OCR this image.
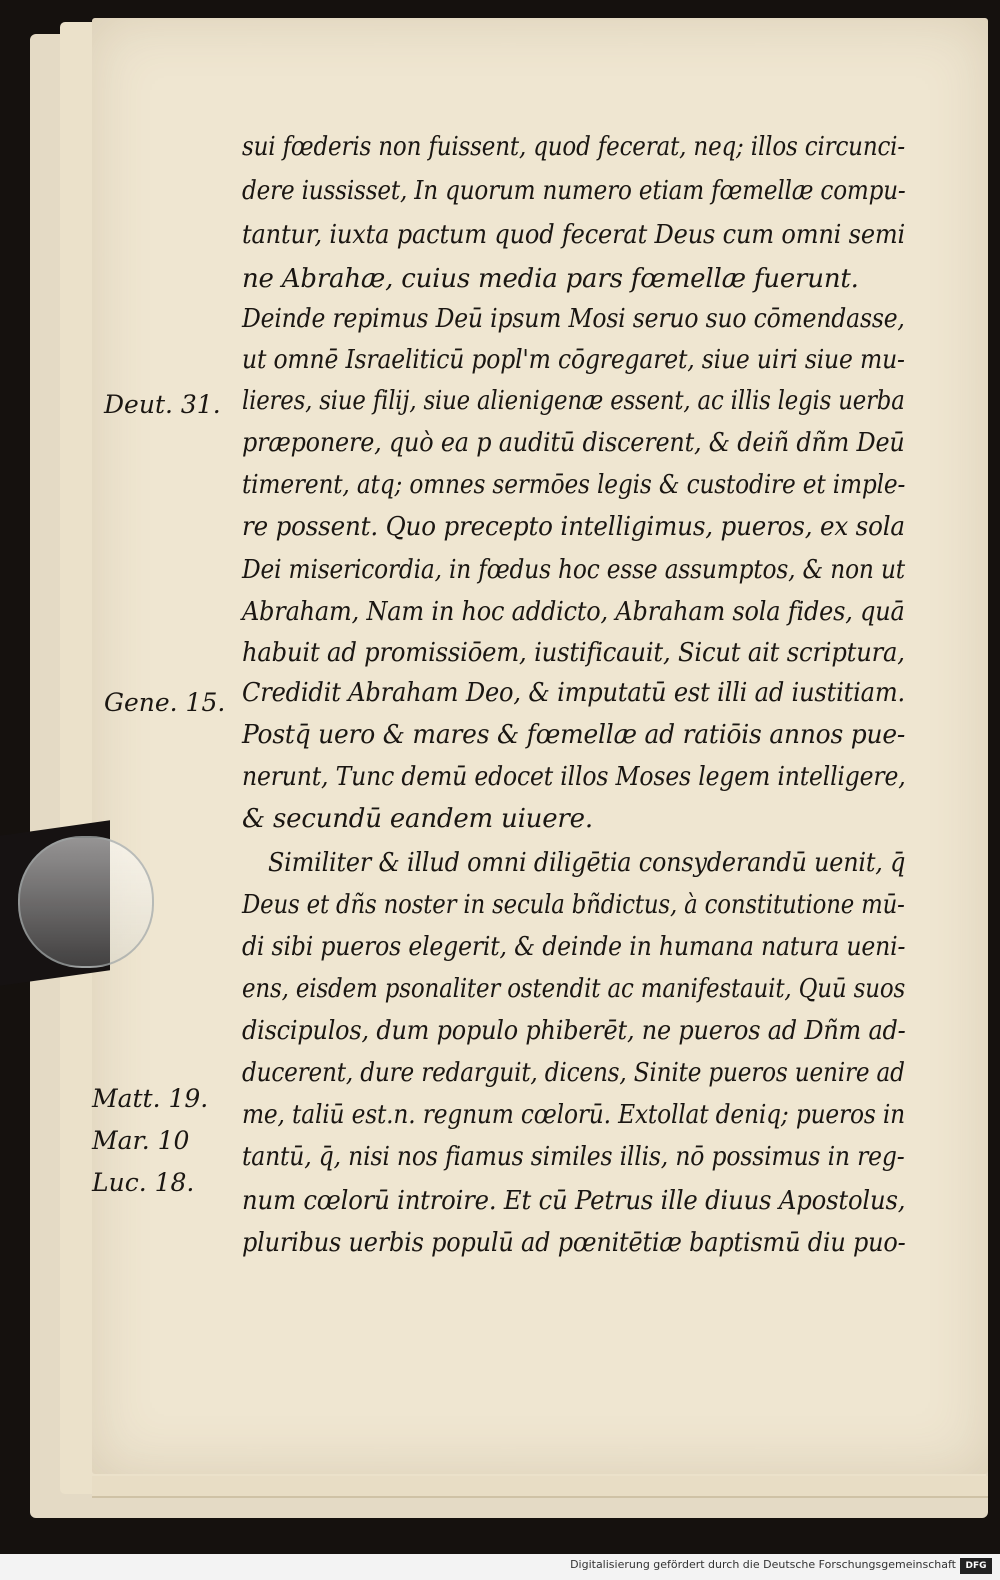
sui fœderis non fuissent, quod fecerat, neq; illos circunci-
dere iussisset, In quorum numero etiam fœmellæ compu-
tantur, iuxta pactum quod fecerat Deus cum omni semi
ne Abrahæ, cuius media pars fœmellæ fuerunt.
Deinde repimus Deū ipsum Mosi seruo suo cōmendasse,
ut omnē Israeliticū popl'm cōgregaret, siue uiri siue mu-
lieres, siue filij, siue alienigenæ essent, ac illis legis uerba
præponere, quò ea p auditū discerent, & deiñ dñm Deū
timerent, atq; omnes sermōes legis & custodire et imple-
re possent. Quo precepto intelligimus, pueros, ex sola
Dei misericordia, in fœdus hoc esse assumptos, & non ut
Abraham, Nam in hoc addicto, Abraham sola fides, quā
habuit ad promissiōem, iustificauit, Sicut ait scriptura,
Credidit Abraham Deo, & imputatū est illi ad iustitiam.
Postq̄ uero & mares & fœmellæ ad ratiōis annos pue-
nerunt, Tunc demū edocet illos Moses legem intelligere,
& secundū eandem uiuere.
Similiter & illud omni diligētia consyderandū uenit, q̄
Deus et dñs noster in secula bñdictus, à constitutione mū-
di sibi pueros elegerit, & deinde in humana natura ueni-
ens, eisdem psonaliter ostendit ac manifestauit, Quū suos
discipulos, dum populo phiberēt, ne pueros ad Dñm ad-
ducerent, dure redarguit, dicens, Sinite pueros uenire ad
me, taliū est.n. regnum cœlorū. Extollat deniq; pueros in
tantū, q̄, nisi nos fiamus similes illis, nō possimus in reg-
num cœlorū introire. Et cū Petrus ille diuus Apostolus,
pluribus uerbis populū ad pœnitētiæ baptismū diu puo-
Deut. 31.
Gene. 15.
Matt. 19.
Mar. 10
Luc. 18.
Digitalisierung gefördert durch die Deutsche Forschungsgemeinschaft	DFG
